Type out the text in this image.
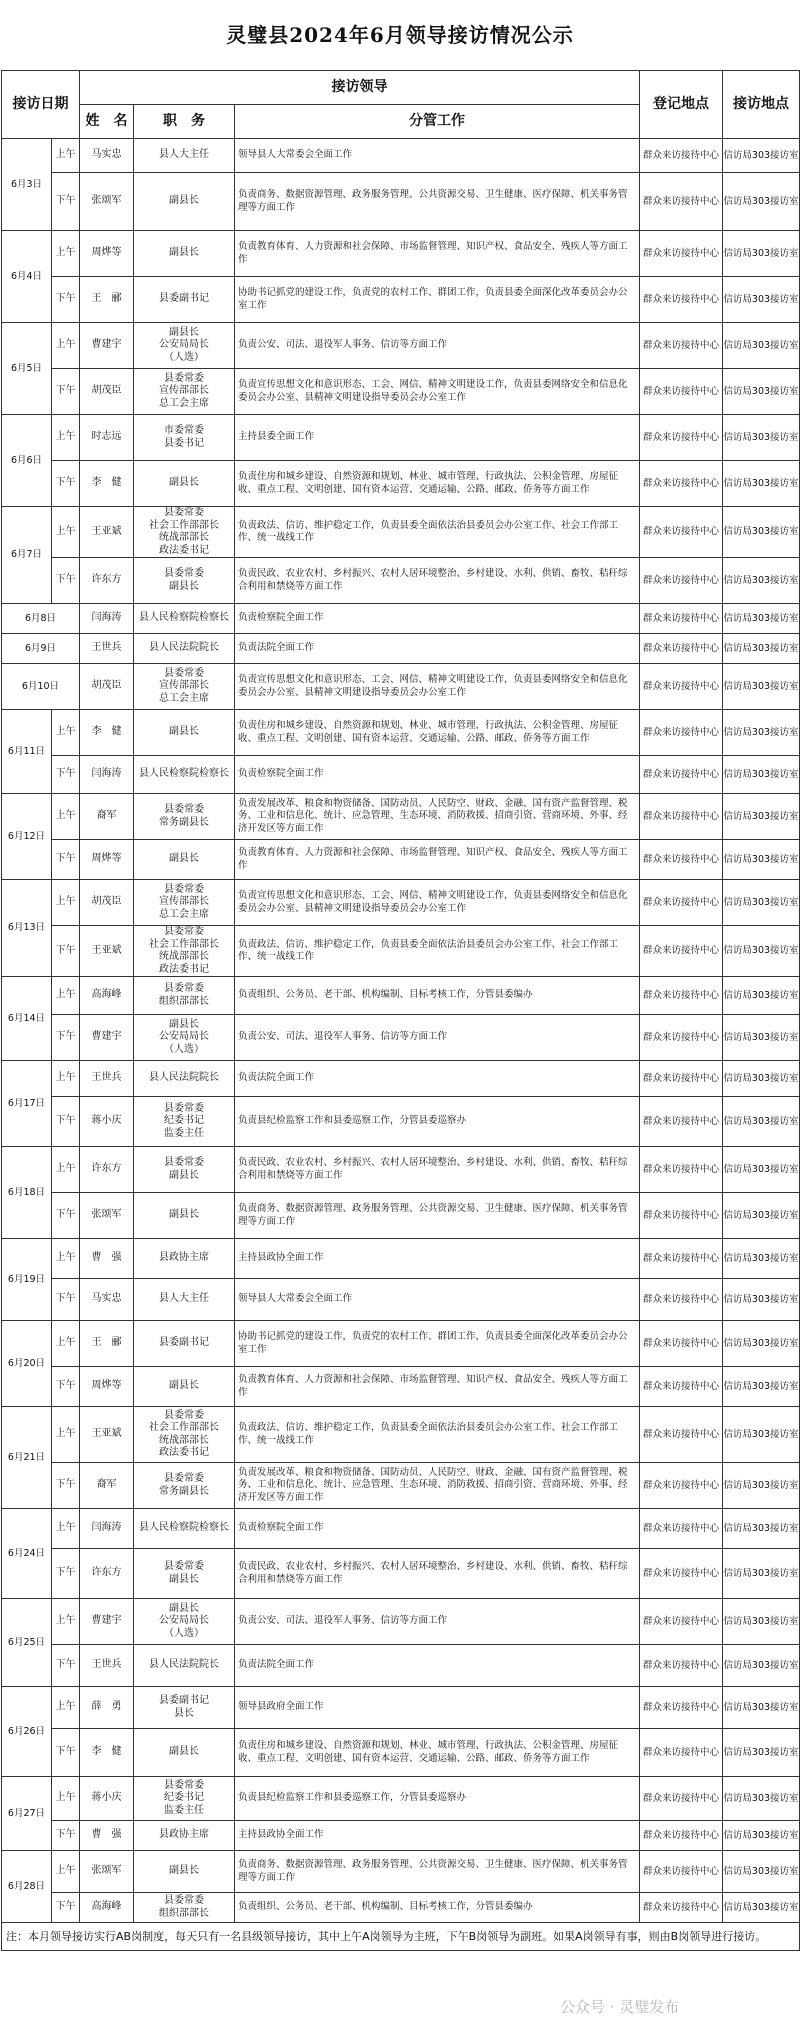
灵璧县2024年6月领导接访情况公示
接访日期		接访领导			登记地点	接访地点
		姓　名	职　务	分管工作		
6月3日	上午	马实忠	县人大主任	领导县人大常委会全面工作	群众来访接待中心	信访局303接访室
	下午	张颂军	副县长	负责商务、数据资源管理、政务服务管理、公共资源交易、卫生健康、医疗保障、机关事务管理等方面工作	群众来访接待中心	信访局303接访室
6月4日	上午	周烨等	副县长	负责教育体育、人力资源和社会保障、市场监督管理、知识产权、食品安全、残疾人等方面工作	群众来访接待中心	信访局303接访室
	下午	王　郦	县委副书记	协助书记抓党的建设工作，负责党的农村工作、群团工作，负责县委全面深化改革委员会办公室工作	群众来访接待中心	信访局303接访室
6月5日	上午	曹建宇	副县长
公安局局长
（人选）	负责公安、司法、退役军人事务、信访等方面工作	群众来访接待中心	信访局303接访室
	下午	胡茂臣	县委常委
宣传部部长
总工会主席	负责宣传思想文化和意识形态、工会、网信、精神文明建设工作，负责县委网络安全和信息化委员会办公室、县精神文明建设指导委员会办公室工作	群众来访接待中心	信访局303接访室
6月6日	上午	时志远	市委常委
县委书记	主持县委全面工作	群众来访接待中心	信访局303接访室
	下午	李　健	副县长	负责住房和城乡建设、自然资源和规划、林业、城市管理、行政执法、公积金管理、房屋征收、重点工程、文明创建、国有资本运营、交通运输、公路、邮政、侨务等方面工作	群众来访接待中心	信访局303接访室
6月7日	上午	王亚斌	县委常委
社会工作部部长
统战部部长
政法委书记	负责政法、信访、维护稳定工作，负责县委全面依法治县委员会办公室工作、社会工作部工作、统一战线工作	群众来访接待中心	信访局303接访室
	下午	许东方	县委常委
副县长	负责民政、农业农村、乡村振兴、农村人居环境整治、乡村建设、水利、供销、畜牧、秸秆综合利用和禁烧等方面工作	群众来访接待中心	信访局303接访室
6月8日		闫海涛	县人民检察院检察长	负责检察院全面工作	群众来访接待中心	信访局303接访室
6月9日		王世兵	县人民法院院长	负责法院全面工作	群众来访接待中心	信访局303接访室
6月10日		胡茂臣	县委常委
宣传部部长
总工会主席	负责宣传思想文化和意识形态、工会、网信、精神文明建设工作，负责县委网络安全和信息化委员会办公室、县精神文明建设指导委员会办公室工作	群众来访接待中心	信访局303接访室
6月11日	上午	李　健	副县长	负责住房和城乡建设、自然资源和规划、林业、城市管理、行政执法、公积金管理、房屋征收、重点工程、文明创建、国有资本运营、交通运输、公路、邮政、侨务等方面工作	群众来访接待中心	信访局303接访室
	下午	闫海涛	县人民检察院检察长	负责检察院全面工作	群众来访接待中心	信访局303接访室
6月12日	上午	裔军	县委常委
常务副县长	负责发展改革、粮食和物资储备、国防动员、人民防空、财政、金融、国有资产监督管理、税务、工业和信息化、统计、应急管理、生态环境、消防救援、招商引资、营商环境、外事、经济开发区等方面工作	群众来访接待中心	信访局303接访室
	下午	周烨等	副县长	负责教育体育、人力资源和社会保障、市场监督管理、知识产权、食品安全、残疾人等方面工作	群众来访接待中心	信访局303接访室
6月13日	上午	胡茂臣	县委常委
宣传部部长
总工会主席	负责宣传思想文化和意识形态、工会、网信、精神文明建设工作，负责县委网络安全和信息化委员会办公室、县精神文明建设指导委员会办公室工作	群众来访接待中心	信访局303接访室
	下午	王亚斌	县委常委
社会工作部部长
统战部部长
政法委书记	负责政法、信访、维护稳定工作，负责县委全面依法治县委员会办公室工作、社会工作部工作、统一战线工作	群众来访接待中心	信访局303接访室
6月14日	上午	高海峰	县委常委
组织部部长	负责组织、公务员、老干部、机构编制、目标考核工作，分管县委编办	群众来访接待中心	信访局303接访室
	下午	曹建宇	副县长
公安局局长
（人选）	负责公安、司法、退役军人事务、信访等方面工作	群众来访接待中心	信访局303接访室
6月17日	上午	王世兵	县人民法院院长	负责法院全面工作	群众来访接待中心	信访局303接访室
	下午	蒋小庆	县委常委
纪委书记
监委主任	负责县纪检监察工作和县委巡察工作，分管县委巡察办	群众来访接待中心	信访局303接访室
6月18日	上午	许东方	县委常委
副县长	负责民政、农业农村、乡村振兴、农村人居环境整治、乡村建设、水利、供销、畜牧、秸秆综合利用和禁烧等方面工作	群众来访接待中心	信访局303接访室
	下午	张颂军	副县长	负责商务、数据资源管理、政务服务管理、公共资源交易、卫生健康、医疗保障、机关事务管理等方面工作	群众来访接待中心	信访局303接访室
6月19日	上午	曹　强	县政协主席	主持县政协全面工作	群众来访接待中心	信访局303接访室
	下午	马实忠	县人大主任	领导县人大常委会全面工作	群众来访接待中心	信访局303接访室
6月20日	上午	王　郦	县委副书记	协助书记抓党的建设工作，负责党的农村工作、群团工作，负责县委全面深化改革委员会办公室工作	群众来访接待中心	信访局303接访室
	下午	周烨等	副县长	负责教育体育、人力资源和社会保障、市场监督管理、知识产权、食品安全、残疾人等方面工作	群众来访接待中心	信访局303接访室
6月21日	上午	王亚斌	县委常委
社会工作部部长
统战部部长
政法委书记	负责政法、信访、维护稳定工作，负责县委全面依法治县委员会办公室工作、社会工作部工作、统一战线工作	群众来访接待中心	信访局303接访室
	下午	裔军	县委常委
常务副县长	负责发展改革、粮食和物资储备、国防动员、人民防空、财政、金融、国有资产监督管理、税务、工业和信息化、统计、应急管理、生态环境、消防救援、招商引资、营商环境、外事、经济开发区等方面工作	群众来访接待中心	信访局303接访室
6月24日	上午	闫海涛	县人民检察院检察长	负责检察院全面工作	群众来访接待中心	信访局303接访室
	下午	许东方	县委常委
副县长	负责民政、农业农村、乡村振兴、农村人居环境整治、乡村建设、水利、供销、畜牧、秸秆综合利用和禁烧等方面工作	群众来访接待中心	信访局303接访室
6月25日	上午	曹建宇	副县长
公安局局长
（人选）	负责公安、司法、退役军人事务、信访等方面工作	群众来访接待中心	信访局303接访室
	下午	王世兵	县人民法院院长	负责法院全面工作	群众来访接待中心	信访局303接访室
6月26日	上午	薛　勇	县委副书记
县长	领导县政府全面工作	群众来访接待中心	信访局303接访室
	下午	李　健	副县长	负责住房和城乡建设、自然资源和规划、林业、城市管理、行政执法、公积金管理、房屋征收、重点工程、文明创建、国有资本运营、交通运输、公路、邮政、侨务等方面工作	群众来访接待中心	信访局303接访室
6月27日	上午	蒋小庆	县委常委
纪委书记
监委主任	负责县纪检监察工作和县委巡察工作，分管县委巡察办	群众来访接待中心	信访局303接访室
	下午	曹　强	县政协主席	主持县政协全面工作	群众来访接待中心	信访局303接访室
6月28日	上午	张颂军	副县长	负责商务、数据资源管理、政务服务管理、公共资源交易、卫生健康、医疗保障、机关事务管理等方面工作	群众来访接待中心	信访局303接访室
	下午	高海峰	县委常委
组织部部长	负责组织、公务员、老干部、机构编制、目标考核工作，分管县委编办	群众来访接待中心	信访局303接访室
注：本月领导接访实行AB岗制度，每天只有一名县级领导接访，其中上午A岗领导为主班，下午B岗领导为副班。如果A岗领导有事，则由B岗领导进行接访。						
公众号 · 灵璧发布
